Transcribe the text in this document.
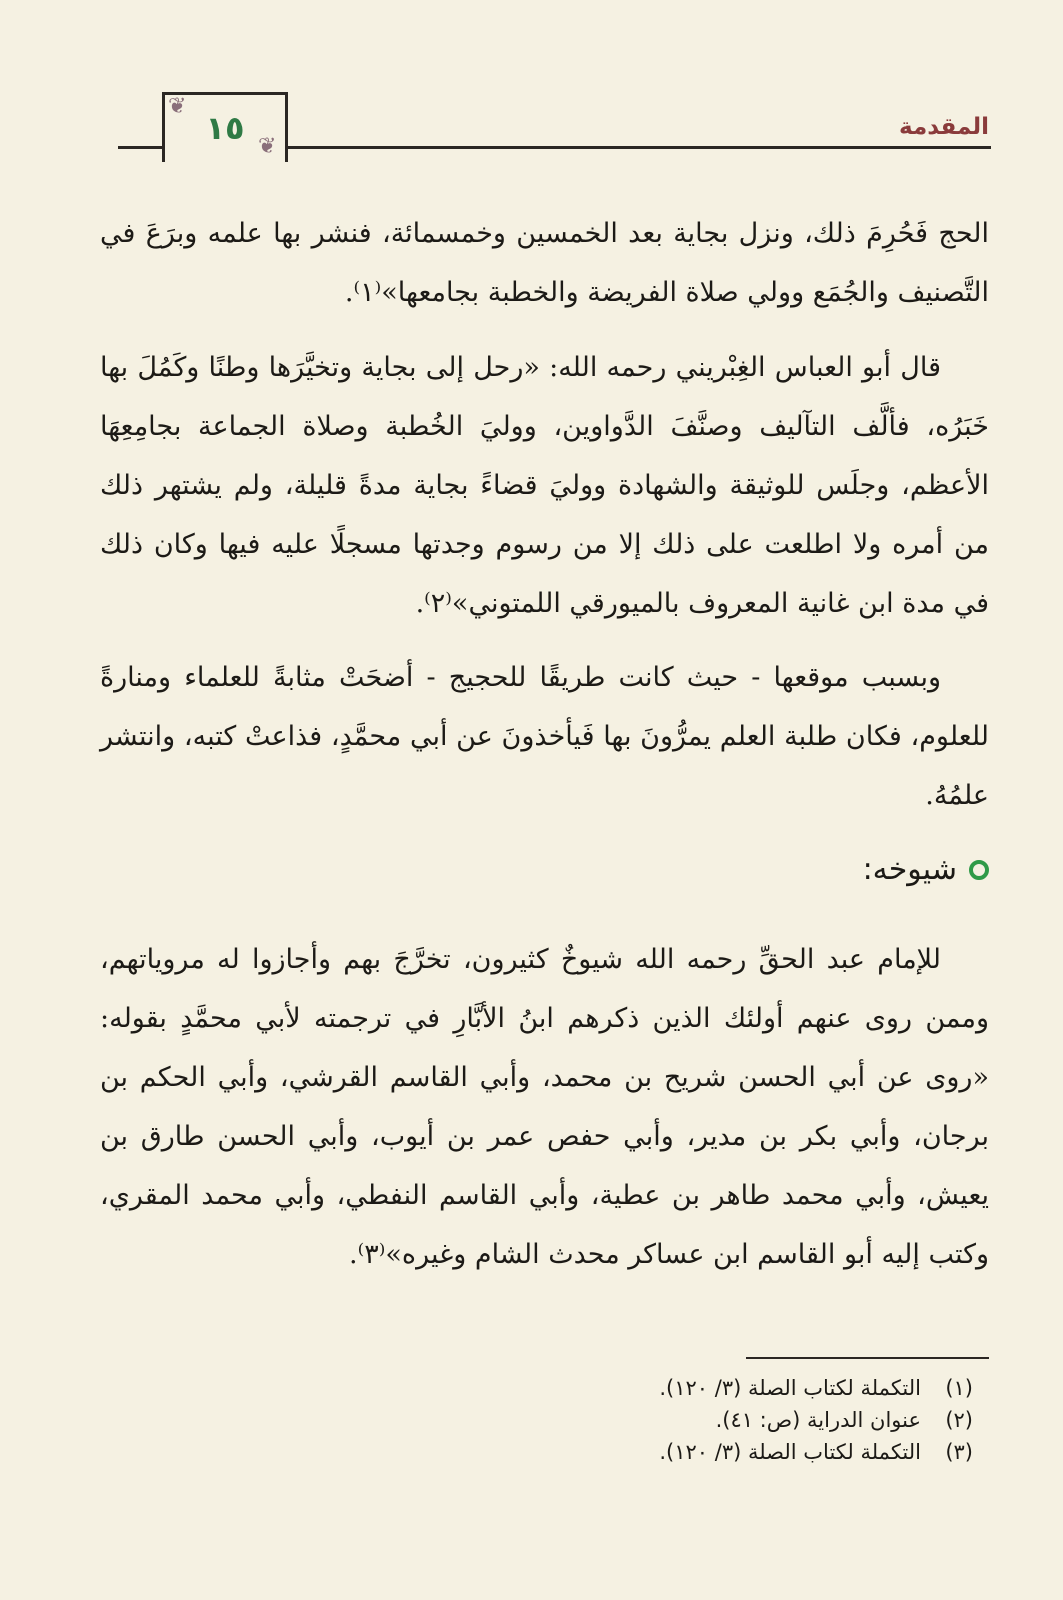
١٥
❦
❦
المقدمة

الحج فَحُرِمَ ذلك، ونزل بجاية بعد الخمسين وخمسمائة، فنشر بها علمه وبرَعَ في التَّصنيف والجُمَع وولي صلاة الفريضة والخطبة بجامعها»⁽١⁾.

قال أبو العباس الغِبْريني رحمه الله: «رحل إلى بجاية وتخيَّرَها وطنًا وكَمُلَ بها خَبَرُه، فألَّف التآليف وصنَّفَ الدَّواوين، ووليَ الخُطبة وصلاة الجماعة بجامِعِهَا الأعظم، وجلَس للوثيقة والشهادة ووليَ قضاءً بجاية مدةً قليلة، ولم يشتهر ذلك من أمره ولا اطلعت على ذلك إلا من رسوم وجدتها مسجلًا عليه فيها وكان ذلك في مدة ابن غانية المعروف بالميورقي اللمتوني»⁽٢⁾.

وبسبب موقعها - حيث كانت طريقًا للحجيج - أضحَتْ مثابةً للعلماء ومنارةً للعلوم، فكان طلبة العلم يمرُّونَ بها فَيأخذونَ عن أبي محمَّدٍ، فذاعتْ كتبه، وانتشر علمُهُ.

شيوخه:

للإمام عبد الحقِّ رحمه الله شيوخٌ كثيرون، تخرَّجَ بهم وأجازوا له مروياتهم، وممن روى عنهم أولئك الذين ذكرهم ابنُ الأبَّارِ في ترجمته لأبي محمَّدٍ بقوله: «روى عن أبي الحسن شريح بن محمد، وأبي القاسم القرشي، وأبي الحكم بن برجان، وأبي بكر بن مدير، وأبي حفص عمر بن أيوب، وأبي الحسن طارق بن يعيش، وأبي محمد طاهر بن عطية، وأبي القاسم النفطي، وأبي محمد المقري، وكتب إليه أبو القاسم ابن عساكر محدث الشام وغيره»⁽٣⁾.

(١)
التكملة لكتاب الصلة (٣/ ١٢٠).
(٢)
عنوان الدراية (ص: ٤١).
(٣)
التكملة لكتاب الصلة (٣/ ١٢٠).
